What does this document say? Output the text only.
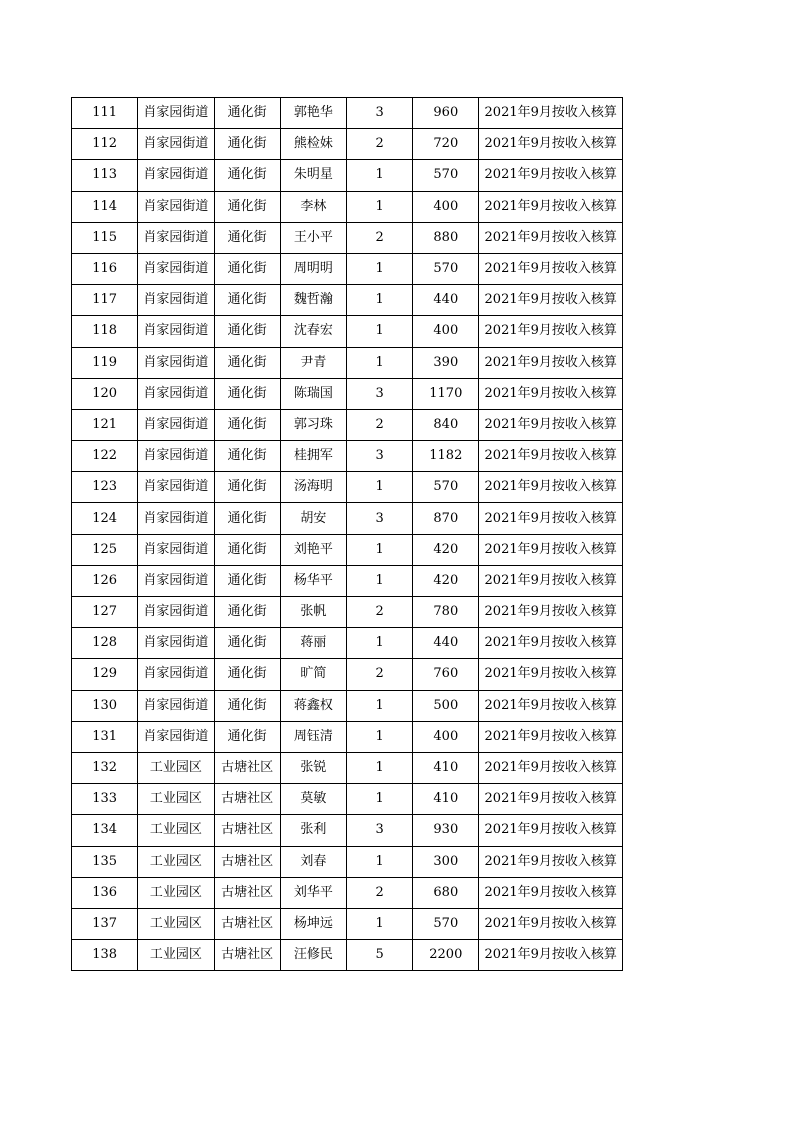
111	肖家园街道	通化街	郭艳华	3	960	2021年9月按收入核算
112	肖家园街道	通化街	熊检妹	2	720	2021年9月按收入核算
113	肖家园街道	通化街	朱明星	1	570	2021年9月按收入核算
114	肖家园街道	通化街	李林	1	400	2021年9月按收入核算
115	肖家园街道	通化街	王小平	2	880	2021年9月按收入核算
116	肖家园街道	通化街	周明明	1	570	2021年9月按收入核算
117	肖家园街道	通化街	魏哲瀚	1	440	2021年9月按收入核算
118	肖家园街道	通化街	沈春宏	1	400	2021年9月按收入核算
119	肖家园街道	通化街	尹青	1	390	2021年9月按收入核算
120	肖家园街道	通化街	陈瑞国	3	1170	2021年9月按收入核算
121	肖家园街道	通化街	郭习珠	2	840	2021年9月按收入核算
122	肖家园街道	通化街	桂拥军	3	1182	2021年9月按收入核算
123	肖家园街道	通化街	汤海明	1	570	2021年9月按收入核算
124	肖家园街道	通化街	胡安	3	870	2021年9月按收入核算
125	肖家园街道	通化街	刘艳平	1	420	2021年9月按收入核算
126	肖家园街道	通化街	杨华平	1	420	2021年9月按收入核算
127	肖家园街道	通化街	张帆	2	780	2021年9月按收入核算
128	肖家园街道	通化街	蒋丽	1	440	2021年9月按收入核算
129	肖家园街道	通化街	旷简	2	760	2021年9月按收入核算
130	肖家园街道	通化街	蒋鑫权	1	500	2021年9月按收入核算
131	肖家园街道	通化街	周钰清	1	400	2021年9月按收入核算
132	工业园区	古塘社区	张锐	1	410	2021年9月按收入核算
133	工业园区	古塘社区	莫敏	1	410	2021年9月按收入核算
134	工业园区	古塘社区	张利	3	930	2021年9月按收入核算
135	工业园区	古塘社区	刘春	1	300	2021年9月按收入核算
136	工业园区	古塘社区	刘华平	2	680	2021年9月按收入核算
137	工业园区	古塘社区	杨坤远	1	570	2021年9月按收入核算
138	工业园区	古塘社区	汪修民	5	2200	2021年9月按收入核算
